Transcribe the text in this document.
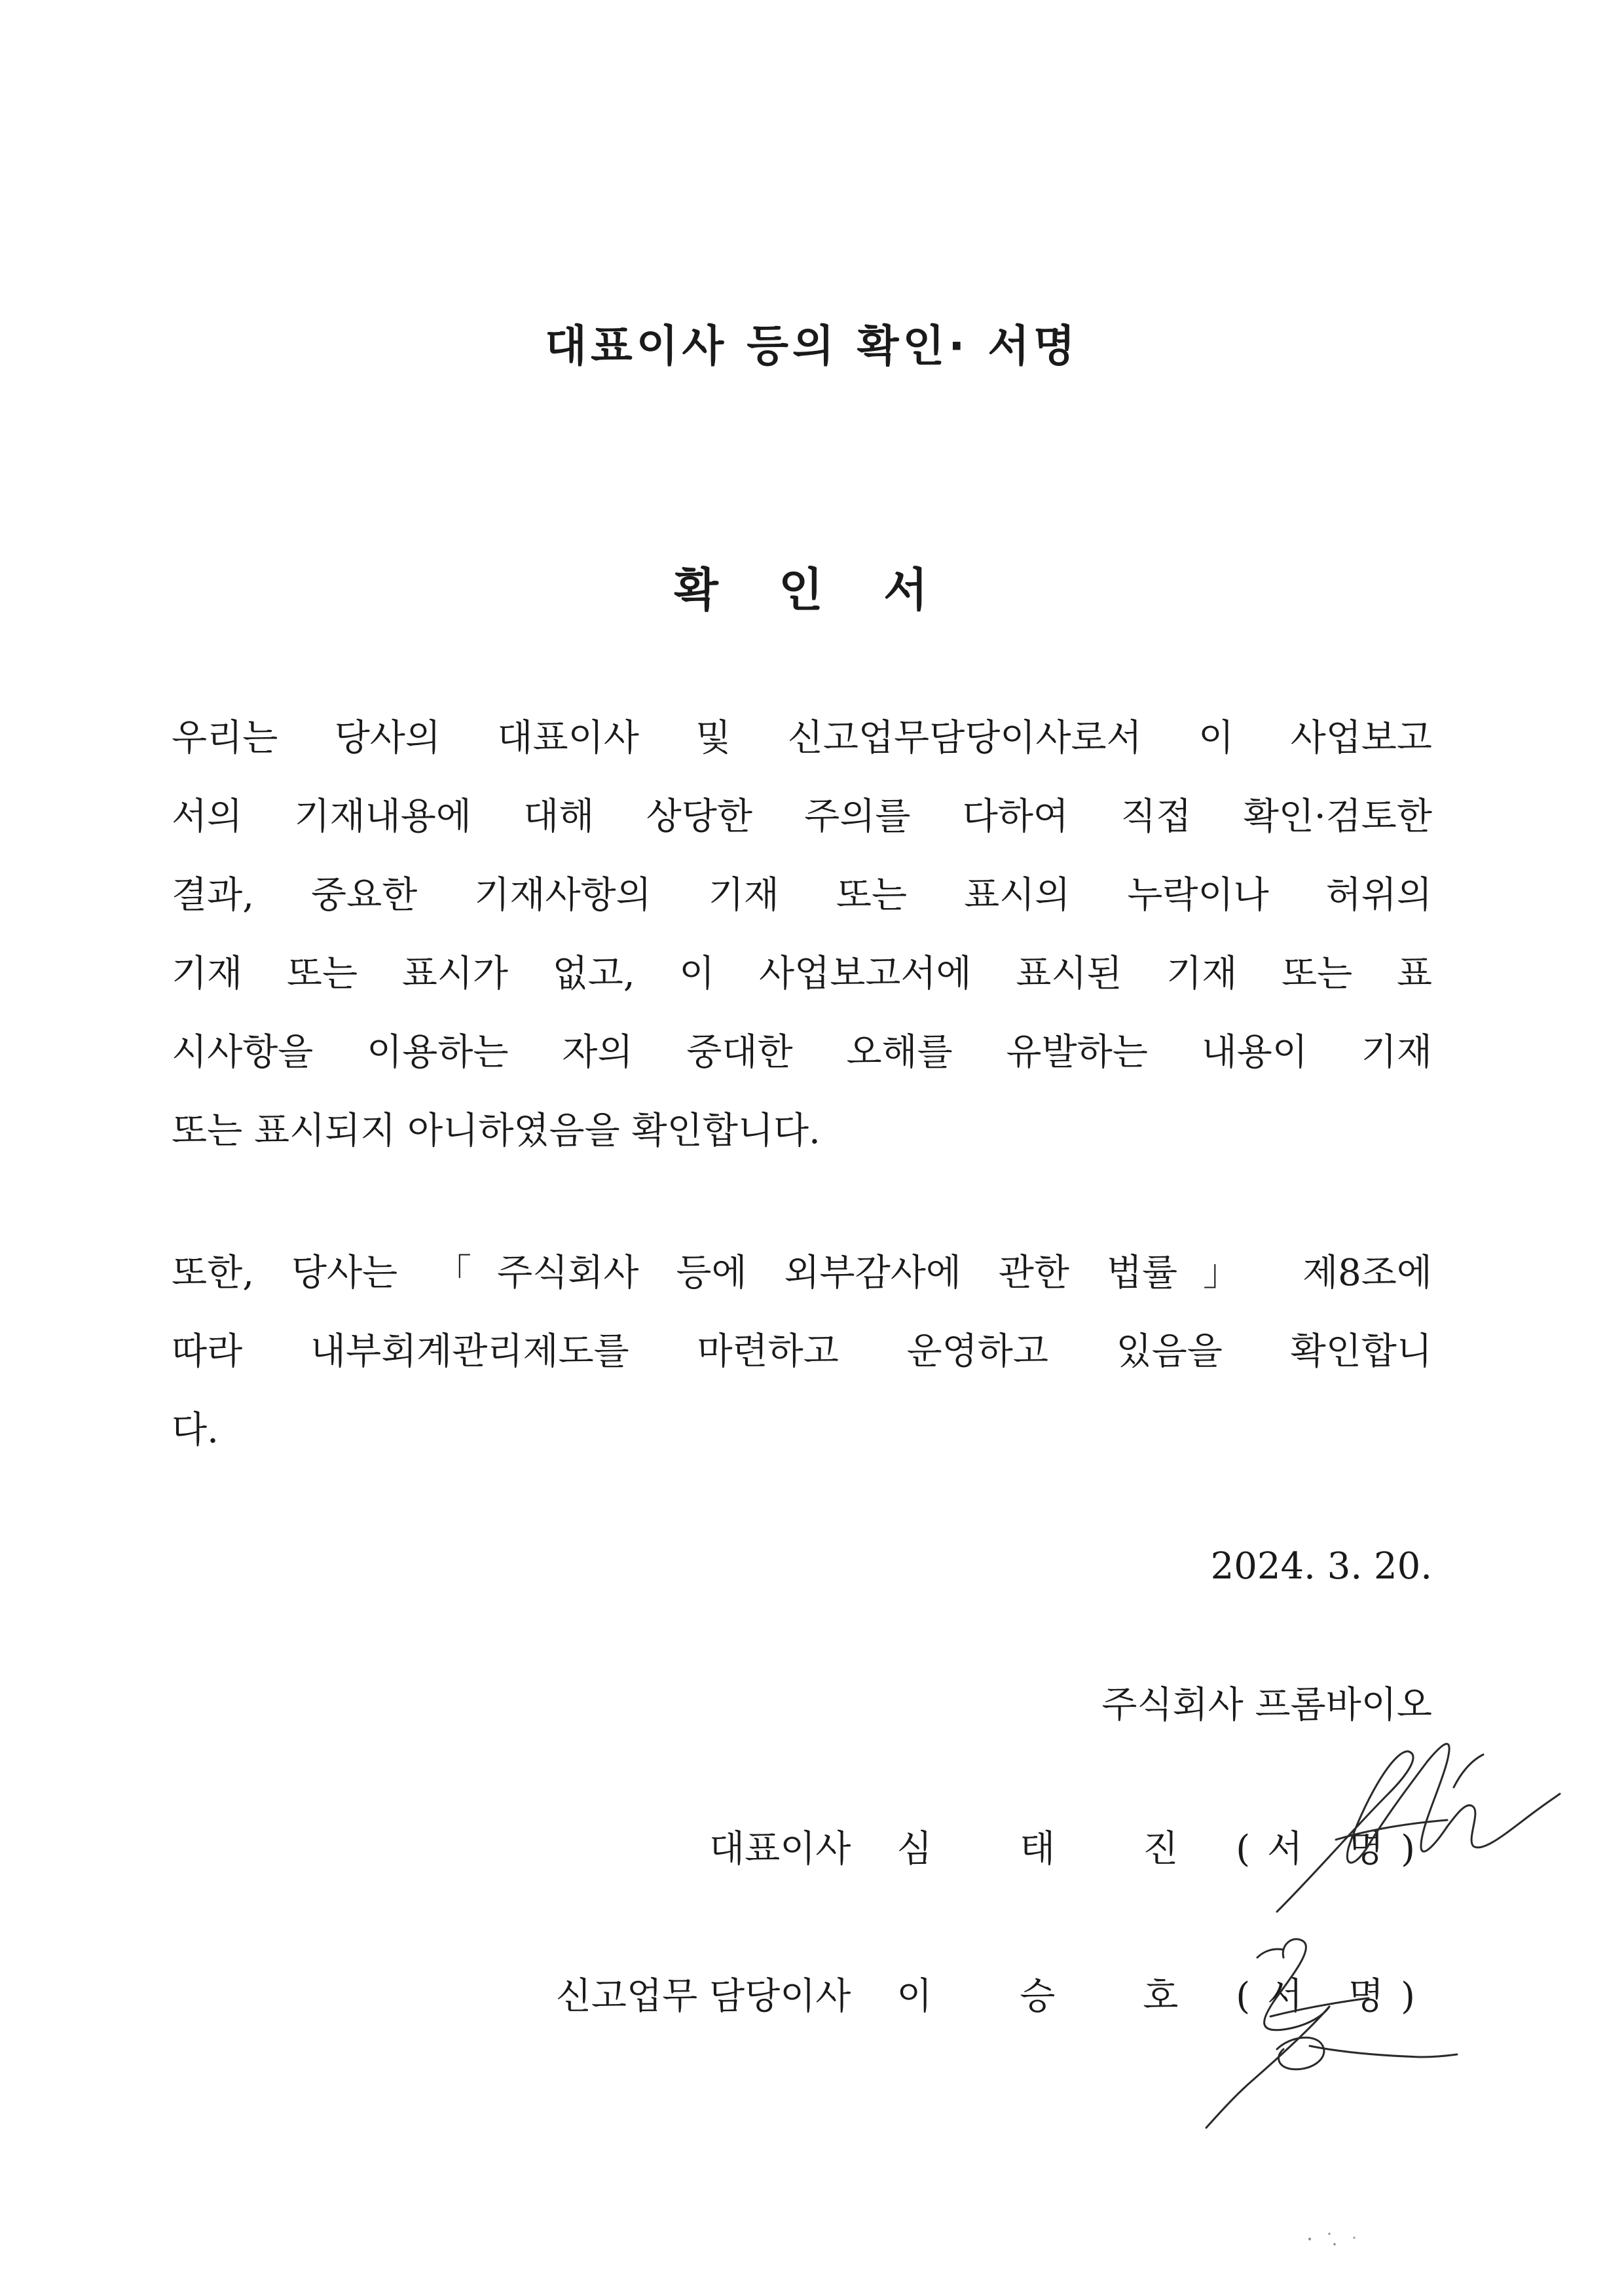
대표이사 등의 확인· 서명
확 인 서
우리는 당사의 대표이사 및 신고업무담당이사로서 이 사업보고
서의 기재내용에 대해 상당한 주의를 다하여 직접 확인·검토한
결과, 중요한 기재사항의 기재 또는 표시의 누락이나 허위의
기재 또는 표시가 없고, 이 사업보고서에 표시된 기재 또는 표
시사항을 이용하는 자의 중대한 오해를 유발하는 내용이 기재
또는 표시되지 아니하였음을 확인합니다.
또한, 당사는 「주식회사 등에 외부감사에 관한 법률」 제8조에
따라 내부회계관리제도를 마련하고 운영하고 있음을 확인합니
다.
2024. 3. 20.
주식회사 프롬바이오
대표이사 심 태 진 (서 명)
신고업무 담당이사 이 승 호 (서 명)
